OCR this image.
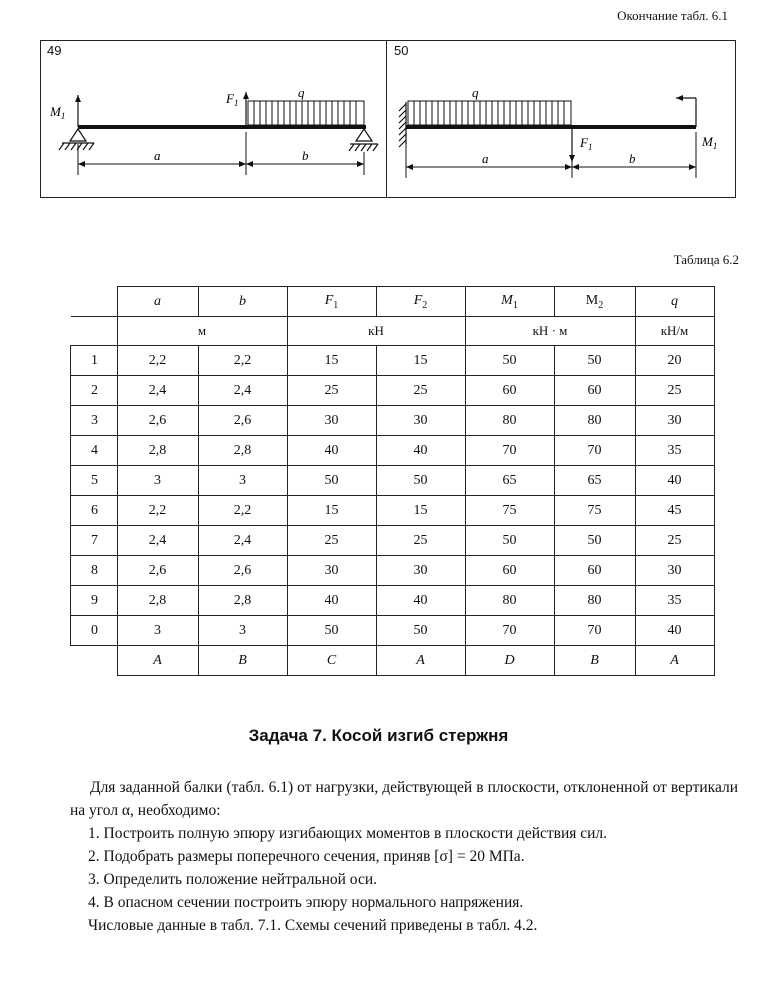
Окончание табл. 6.1
49	50
$M_1$
$F_1$
q
a	b
q
$F_1$	$M_1$
a	b
Таблица 6.2
	a	b	$F_1$	$F_2$	$M_1$	$M_2$	q
	м		кН		кН · м		кН/м
1	2,2	2,2	15	15	50	50	20
2	2,4	2,4	25	25	60	60	25
3	2,6	2,6	30	30	80	80	30
4	2,8	2,8	40	40	70	70	35
5	3	3	50	50	65	65	40
6	2,2	2,2	15	15	75	75	45
7	2,4	2,4	25	25	50	50	25
8	2,6	2,6	30	30	60	60	30
9	2,8	2,8	40	40	80	80	35
0	3	3	50	50	70	70	40
	А	В	С	А	D	В	А
Задача 7. Косой изгиб стержня

Для заданной балки (табл. 6.1) от нагрузки, действующей в плоскости, отклоненной от вертикали на угол α, необходимо:

1. Построить полную эпюру изгибающих моментов в плоскости действия сил.

2. Подобрать размеры поперечного сечения, приняв [σ] = 20 МПа.

3. Определить положение нейтральной оси.

4. В опасном сечении построить эпюру нормального напряжения.

Числовые данные в табл. 7.1. Схемы сечений приведены в табл. 4.2.
